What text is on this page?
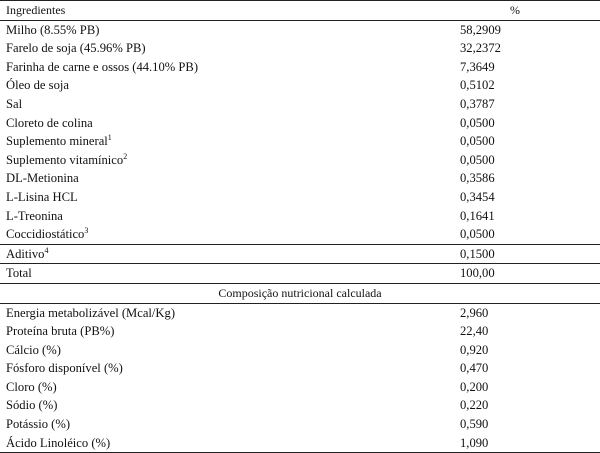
Ingredientes	%
Milho (8.55% PB)	58,2909
Farelo de soja (45.96% PB)	32,2372
Farinha de carne e ossos (44.10% PB)	7,3649
Óleo de soja	0,5102
Sal	0,3787
Cloreto de colina	0,0500
Suplemento mineral$^1$	0,0500
Suplemento vitamínico$^2$	0,0500
DL-Metionina	0,3586
L-Lisina HCL	0,3454
L-Treonina	0,1641
Coccidiostático$^3$	0,0500
Aditivo$^4$	0,1500
Total	100,00
Composição nutricional calculada	
Energia metabolizável (Mcal/Kg)	2,960
Proteína bruta (PB%)	22,40
Cálcio (%)	0,920
Fósforo disponível (%)	0,470
Cloro (%)	0,200
Sódio (%)	0,220
Potássio (%)	0,590
Ácido Linoléico (%)	1,090
